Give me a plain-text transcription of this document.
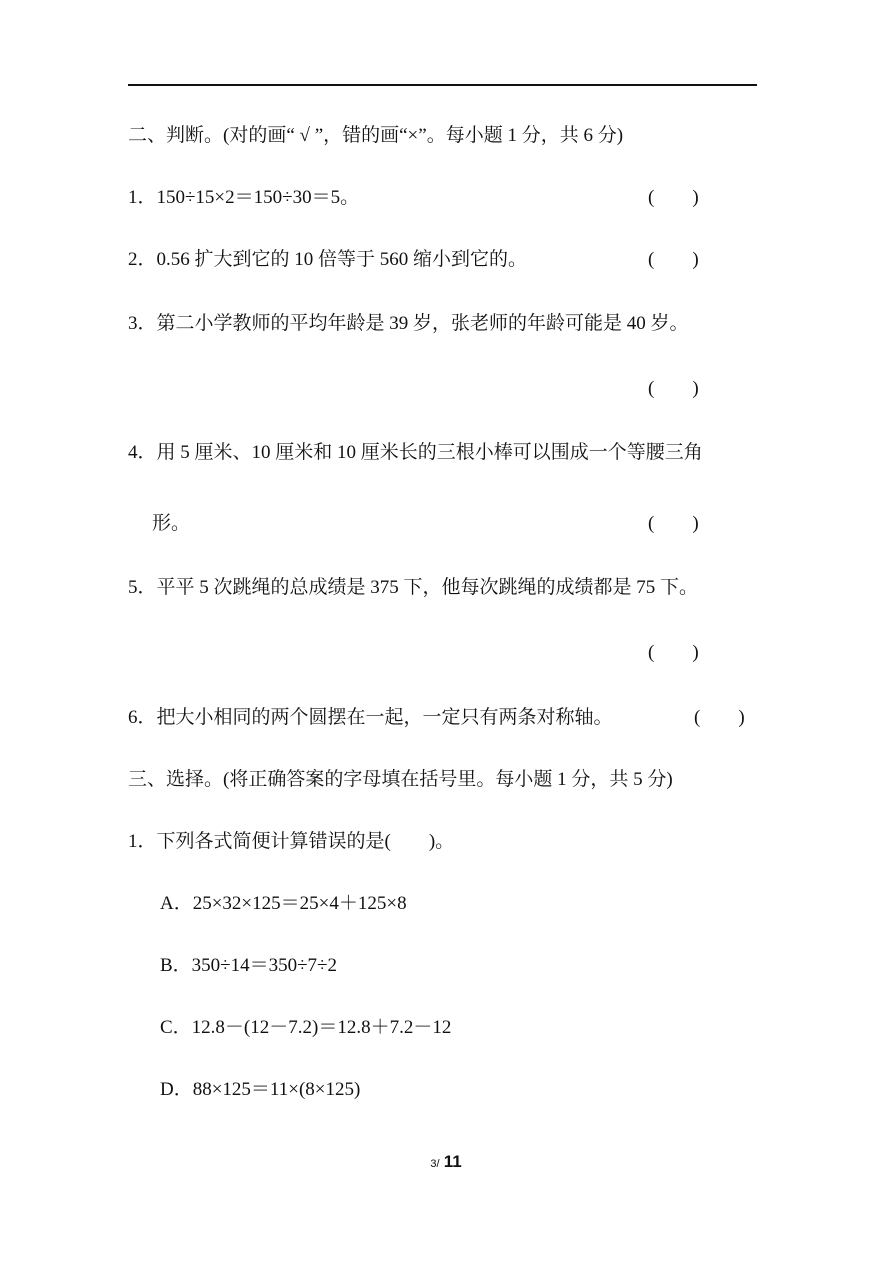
二、判断。(对的画“ √ ”，错的画“×”。每小题 1 分，共 6 分)
1．150÷15×2＝150÷30＝5。	(　　)
2．0.56 扩大到它的 10 倍等于 560 缩小到它的。	(　　)
3．第二小学教师的平均年龄是 39 岁，张老师的年龄可能是 40 岁。
(　　)
4．用 5 厘米、10 厘米和 10 厘米长的三根小棒可以围成一个等腰三角
形。	(　　)
5．平平 5 次跳绳的总成绩是 375 下，他每次跳绳的成绩都是 75 下。
(　　)
6．把大小相同的两个圆摆在一起，一定只有两条对称轴。	(　　)
三、选择。(将正确答案的字母填在括号里。每小题 1 分，共 5 分)
1．下列各式简便计算错误的是(　　)。
A．25×32×125＝25×4＋125×8
B．350÷14＝350÷7÷2
C．12.8－(12－7.2)＝12.8＋7.2－12
D．88×125＝11×(8×125)
3/ 11
